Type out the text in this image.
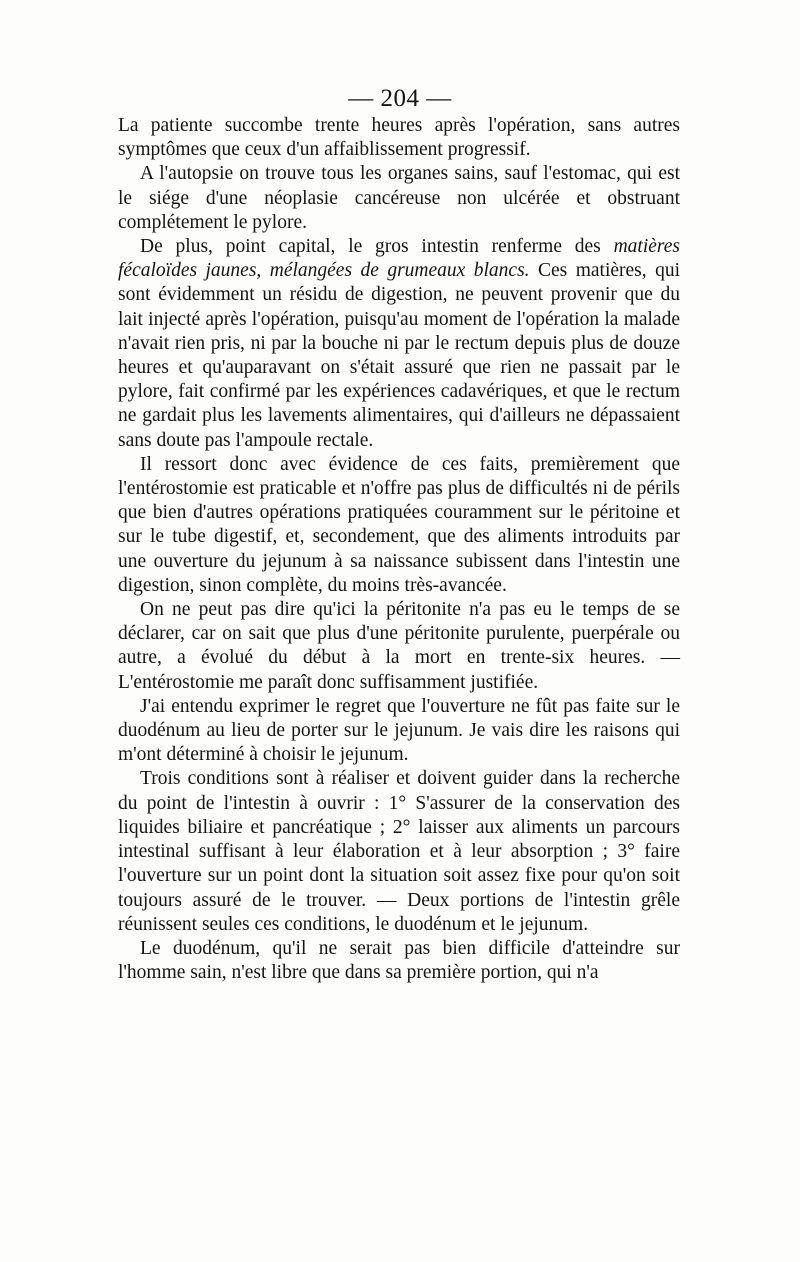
— 204 —

La patiente succombe trente heures après l'opération, sans autres symptômes que ceux d'un affaiblissement progressif.

A l'autopsie on trouve tous les organes sains, sauf l'estomac, qui est le siége d'une néoplasie cancéreuse non ulcérée et obstruant complétement le pylore.

De plus, point capital, le gros intestin renferme des matières fécaloïdes jaunes, mélangées de grumeaux blancs. Ces matières, qui sont évidemment un résidu de digestion, ne peuvent provenir que du lait injecté après l'opération, puisqu'au moment de l'opération la malade n'avait rien pris, ni par la bouche ni par le rectum depuis plus de douze heures et qu'auparavant on s'était assuré que rien ne passait par le pylore, fait confirmé par les expériences cadavériques, et que le rectum ne gardait plus les lavements alimentaires, qui d'ailleurs ne dépassaient sans doute pas l'ampoule rectale.

Il ressort donc avec évidence de ces faits, premièrement que l'entérostomie est praticable et n'offre pas plus de difficultés ni de périls que bien d'autres opérations pratiquées couramment sur le péritoine et sur le tube digestif, et, secondement, que des aliments introduits par une ouverture du jejunum à sa naissance subissent dans l'intestin une digestion, sinon complète, du moins très-avancée.

On ne peut pas dire qu'ici la péritonite n'a pas eu le temps de se déclarer, car on sait que plus d'une péritonite purulente, puerpérale ou autre, a évolué du début à la mort en trente-six heures. — L'entérostomie me paraît donc suffisamment justifiée.

J'ai entendu exprimer le regret que l'ouverture ne fût pas faite sur le duodénum au lieu de porter sur le jejunum. Je vais dire les raisons qui m'ont déterminé à choisir le jejunum.

Trois conditions sont à réaliser et doivent guider dans la recherche du point de l'intestin à ouvrir : 1° S'assurer de la conservation des liquides biliaire et pancréatique ; 2° laisser aux aliments un parcours intestinal suffisant à leur élaboration et à leur absorption ; 3° faire l'ouverture sur un point dont la situation soit assez fixe pour qu'on soit toujours assuré de le trouver. — Deux portions de l'intestin grêle réunissent seules ces conditions, le duodénum et le jejunum.

Le duodénum, qu'il ne serait pas bien difficile d'atteindre sur l'homme sain, n'est libre que dans sa première portion, qui n'a
